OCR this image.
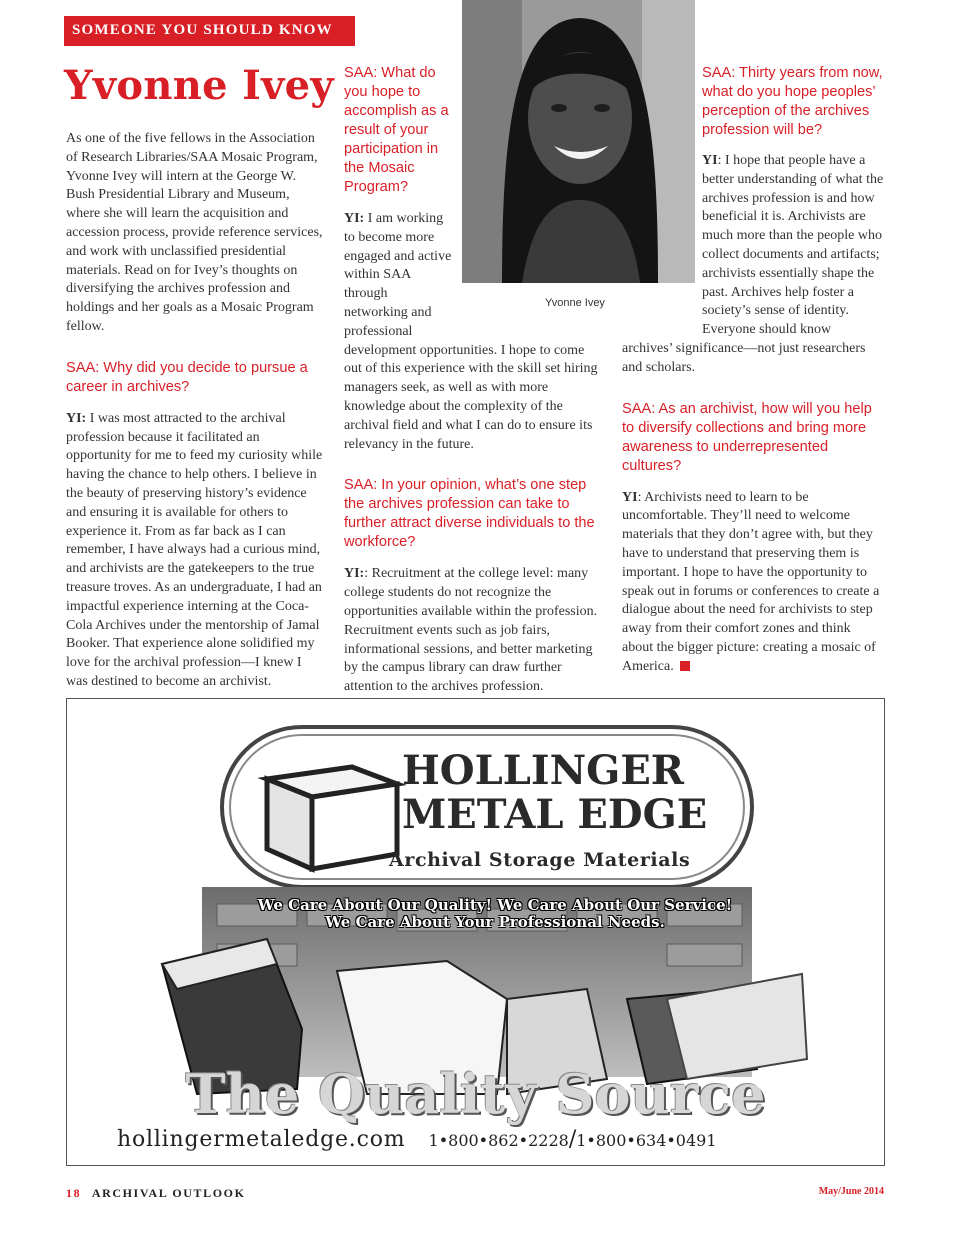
SOMEONE YOU SHOULD KNOW
Yvonne Ivey

As one of the five fellows in the Association of Research Libraries/SAA Mosaic Program, Yvonne Ivey will intern at the George W. Bush Presidential Library and Museum, where she will learn the acquisition and accession process, provide reference services, and work with unclassified presidential materials. Read on for Ivey’s thoughts on diversifying the archives profession and holdings and her goals as a Mosaic Program fellow.

SAA: Why did you decide to pursue a career in archives?

YI: I was most attracted to the archival profession because it facilitated an opportunity for me to feed my curiosity while having the chance to help others. I believe in the beauty of preserving history’s evidence and ensuring it is available for others to experience it. From as far back as I can remember, I have always had a curious mind, and archivists are the gatekeepers to the true treasure troves. As an undergraduate, I had an impactful experience interning at the Coca-Cola Archives under the mentorship of Jamal Booker. That experience alone solidified my love for the archival profession—I knew I was destined to become an archivist.

SAA: What do you hope to accomplish as a result of your participation in the Mosaic Program?

YI: I am working to become more engaged and active within SAA through networking and professional development opportunities. I hope to come out of this experience with the skill set hiring managers seek, as well as with more knowledge about the complexity of the archival field and what I can do to ensure its relevancy in the future.

SAA: In your opinion, what’s one step the archives profession can take to further attract diverse individuals to the workforce?

YI:: Recruitment at the college level: many college students do not recognize the opportunities available within the profession. Recruitment events such as job fairs, informational sessions, and better marketing by the campus library can draw further attention to the archives profession.

Yvonne Ivey

SAA: Thirty years from now, what do you hope peoples’ perception of the archives profession will be?

YI: I hope that people have a better understanding of what the archives profession is and how beneficial it is. Archivists are much more than the people who collect documents and artifacts; archivists essentially shape the past. Archives help foster a society’s sense of identity. Everyone should know archives’ significance—not just researchers and scholars.

SAA: As an archivist, how will you help to diversify collections and bring more awareness to underrepresented cultures?

YI: Archivists need to learn to be uncomfortable. They’ll need to welcome materials that they don’t agree with, but they have to understand that preserving them is important. I hope to have the opportunity to speak out in forums or conferences to create a dialogue about the need for archivists to step away from their comfort zones and think about the bigger picture: creating a mosaic of America.

HOLLINGER
METAL EDGE
Archival Storage Materials
We Care About Our Quality! We Care About Our Service!
We Care About Your Professional Needs.
The Quality Source
hollingermetaledge.com 1•800•862•2228/1•800•634•0491
18 ARCHIVAL OUTLOOK	May/June 2014
